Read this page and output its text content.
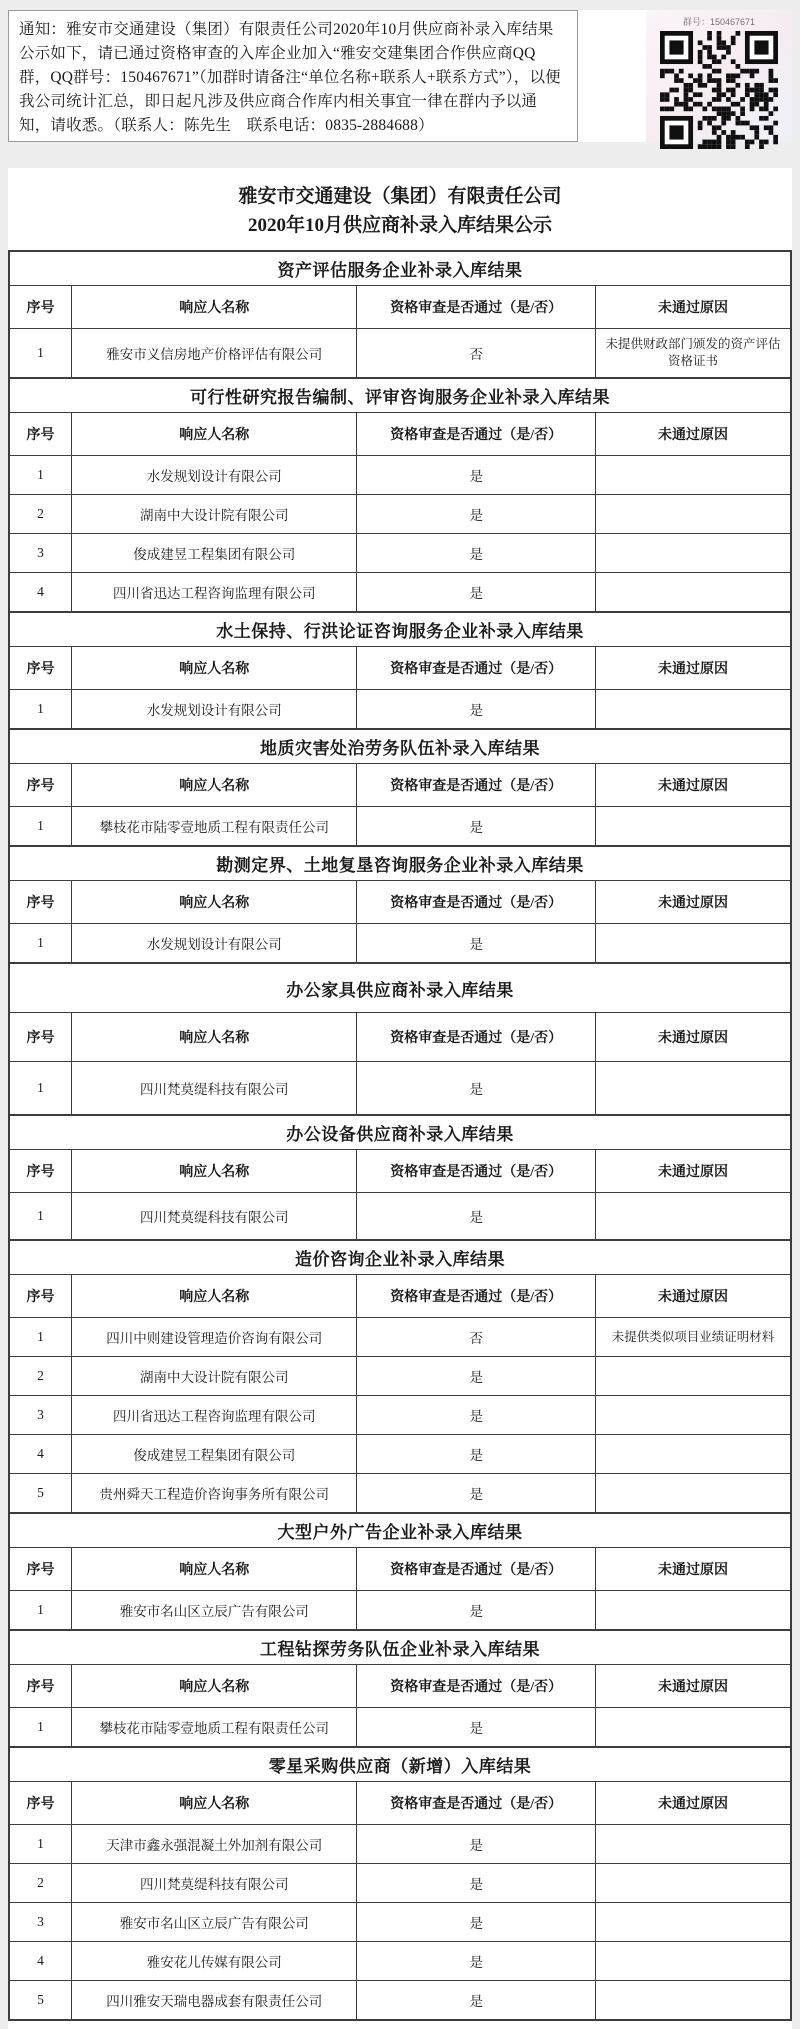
通知：雅安市交通建设（集团）有限责任公司2020年10月供应商补录入库结果公示如下，请已通过资格审查的入库企业加入“雅安交建集团合作供应商QQ群，QQ群号：150467671”（加群时请备注“单位名称+联系人+联系方式”），以便我公司统计汇总，即日起凡涉及供应商合作库内相关事宜一律在群内予以通知，请收悉。（联系人：陈先生　联系电话：0835-2884688）

群号：150467671
雅安市交通建设（集团）有限责任公司
2020年10月供应商补录入库结果公示
资产评估服务企业补录入库结果			
序号	响应人名称	资格审查是否通过（是/否）	未通过原因
1	雅安市义信房地产价格评估有限公司	否	未提供财政部门颁发的资产评估资格证书
可行性研究报告编制、评审咨询服务企业补录入库结果			
序号	响应人名称	资格审查是否通过（是/否）	未通过原因
1	水发规划设计有限公司	是	
2	湖南中大设计院有限公司	是	
3	俊成建昱工程集团有限公司	是	
4	四川省迅达工程咨询监理有限公司	是	
水土保持、行洪论证咨询服务企业补录入库结果			
序号	响应人名称	资格审查是否通过（是/否）	未通过原因
1	水发规划设计有限公司	是	
地质灾害处治劳务队伍补录入库结果			
序号	响应人名称	资格审查是否通过（是/否）	未通过原因
1	攀枝花市陆零壹地质工程有限责任公司	是	
勘测定界、土地复垦咨询服务企业补录入库结果			
序号	响应人名称	资格审查是否通过（是/否）	未通过原因
1	水发规划设计有限公司	是	
办公家具供应商补录入库结果			
序号	响应人名称	资格审查是否通过（是/否）	未通过原因
1	四川梵莫缇科技有限公司	是	
办公设备供应商补录入库结果			
序号	响应人名称	资格审查是否通过（是/否）	未通过原因
1	四川梵莫缇科技有限公司	是	
造价咨询企业补录入库结果			
序号	响应人名称	资格审查是否通过（是/否）	未通过原因
1	四川中则建设管理造价咨询有限公司	否	未提供类似项目业绩证明材料
2	湖南中大设计院有限公司	是	
3	四川省迅达工程咨询监理有限公司	是	
4	俊成建昱工程集团有限公司	是	
5	贵州舜天工程造价咨询事务所有限公司	是	
大型户外广告企业补录入库结果			
序号	响应人名称	资格审查是否通过（是/否）	未通过原因
1	雅安市名山区立辰广告有限公司	是	
工程钻探劳务队伍企业补录入库结果			
序号	响应人名称	资格审查是否通过（是/否）	未通过原因
1	攀枝花市陆零壹地质工程有限责任公司	是	
零星采购供应商（新增）入库结果			
序号	响应人名称	资格审查是否通过（是/否）	未通过原因
1	天津市鑫永强混凝土外加剂有限公司	是	
2	四川梵莫缇科技有限公司	是	
3	雅安市名山区立辰广告有限公司	是	
4	雅安花儿传媒有限公司	是	
5	四川雅安天瑞电器成套有限责任公司	是	
